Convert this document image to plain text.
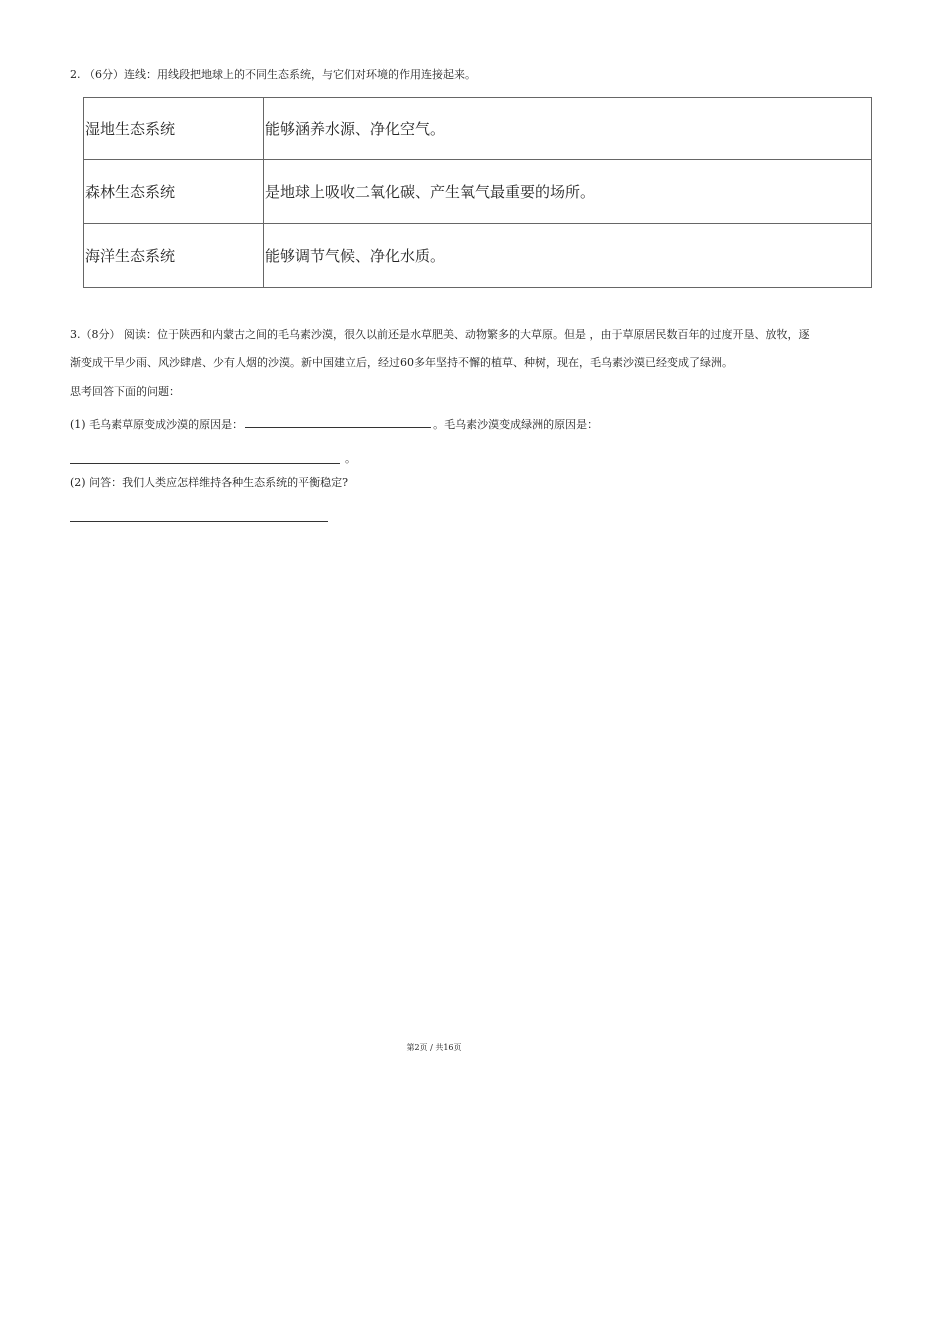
2. （6分）连线：用线段把地球上的不同生态系统，与它们对环境的作用连接起来。
湿地生态系统	能够涵养水源、净化空气。
森林生态系统	是地球上吸收二氧化碳、产生氧气最重要的场所。
海洋生态系统	能够调节气候、净化水质。
3.（8分） 阅读：位于陕西和内蒙古之间的毛乌素沙漠，很久以前还是水草肥美、动物繁多的大草原。但是 ，由于草原居民数百年的过度开垦、放牧，逐
渐变成干旱少雨、风沙肆虐、少有人烟的沙漠。新中国建立后，经过60多年坚持不懈的植草、种树，现在，毛乌素沙漠已经变成了绿洲。
思考回答下面的问题：
(1) 毛乌素草原变成沙漠的原因是：	。毛乌素沙漠变成绿洲的原因是：
。
(2) 问答：我们人类应怎样维持各种生态系统的平衡稳定?
第2页 / 共16页
